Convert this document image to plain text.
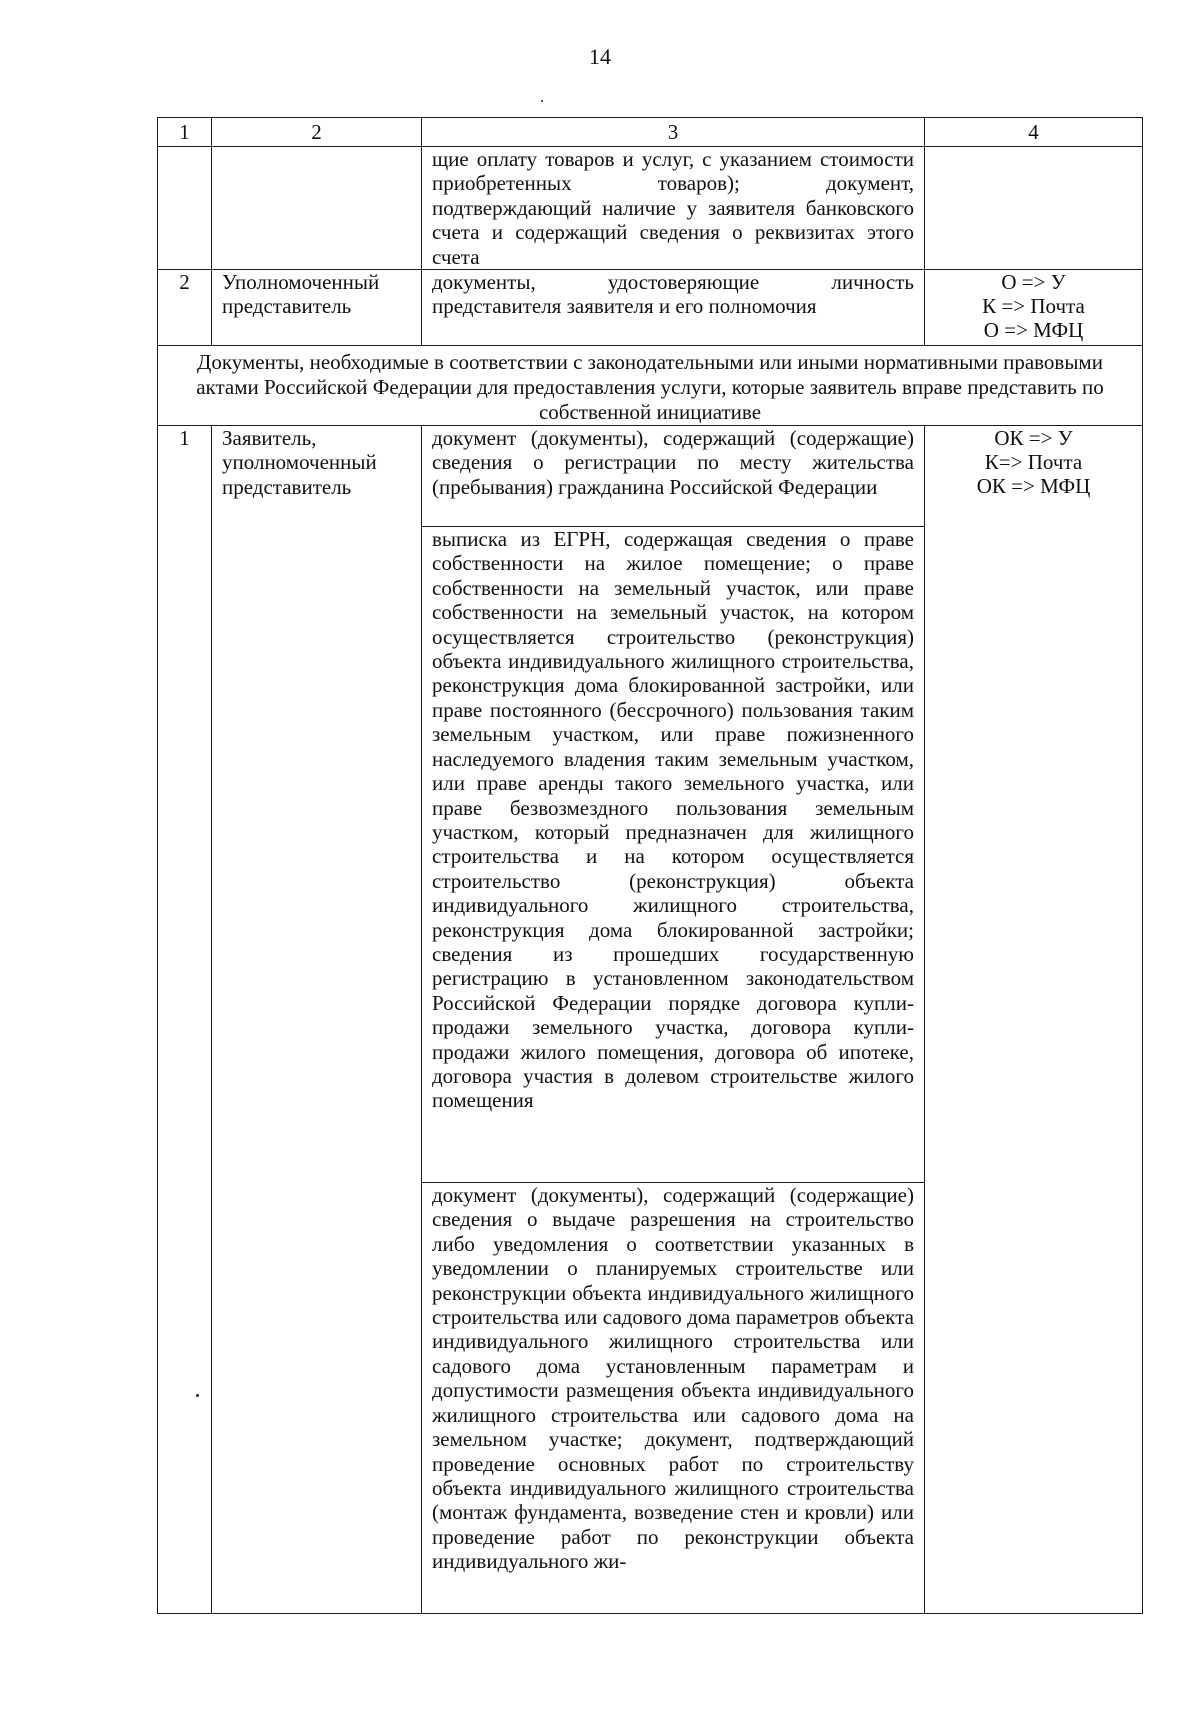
14
1	2	3	4
		щие оплату товаров и услуг, с указанием стоимости приобретенных товаров); документ, подтверждающий наличие у заявителя банковского счета и содержащий сведения о реквизитах этого счета	
2	Уполномоченный представитель	документы, удостоверяющие личность представителя заявителя и его полномочия	О => У
К => Почта
О => МФЦ

Документы, необходимые в соответствии с законодательными или иными нормативными правовыми актами Российской Федерации для предоставления услуги, которые заявитель вправе представить по собственной инициативе			
1	Заявитель, уполномоченный представитель	документ (документы), содержащий (содержащие) сведения о регистрации по месту жительства (пребывания) гражданина Российской Федерации	ОК => У
К=> Почта
ОК => МФЦ

		выписка из ЕГРН, содержащая сведения о праве собственности на жилое помещение; о праве собственности на земельный участок, или праве собственности на земельный участок, на котором осуществляется строительство (реконструкция) объекта индивидуального жилищного строительства, реконструкция дома блокированной застройки, или праве постоянного (бессрочного) пользования таким земельным участком, или праве пожизненного наследуемого владения таким земельным участком, или праве аренды такого земельного участка, или праве безвозмездного пользования земельным участком, который предназначен для жилищного строительства и на котором осуществляется строительство (реконструкция) объекта индивидуального жилищного строительства, реконструкция дома блокированной застройки; сведения из прошедших государственную регистрацию в установленном законодательством Российской Федерации порядке договора купли-продажи земельного участка, договора купли-продажи жилого помещения, договора об ипотеке, договора участия в долевом строительстве жилого помещения	
		документ (документы), содержащий (содержащие) сведения о выдаче разрешения на строительство либо уведомления о соответствии указанных в уведомлении о планируемых строительстве или реконструкции объекта индивидуального жилищного строительства или садового дома параметров объекта индивидуального жилищного строительства или садового дома установленным параметрам и допустимости размещения объекта индивидуального жилищного строительства или садового дома на земельном участке; документ, подтверждающий проведение основных работ по строительству объекта индивидуального жилищного строительства (монтаж фундамента, возведение стен и кровли) или проведение работ по реконструкции объекта индивидуального жи-	
